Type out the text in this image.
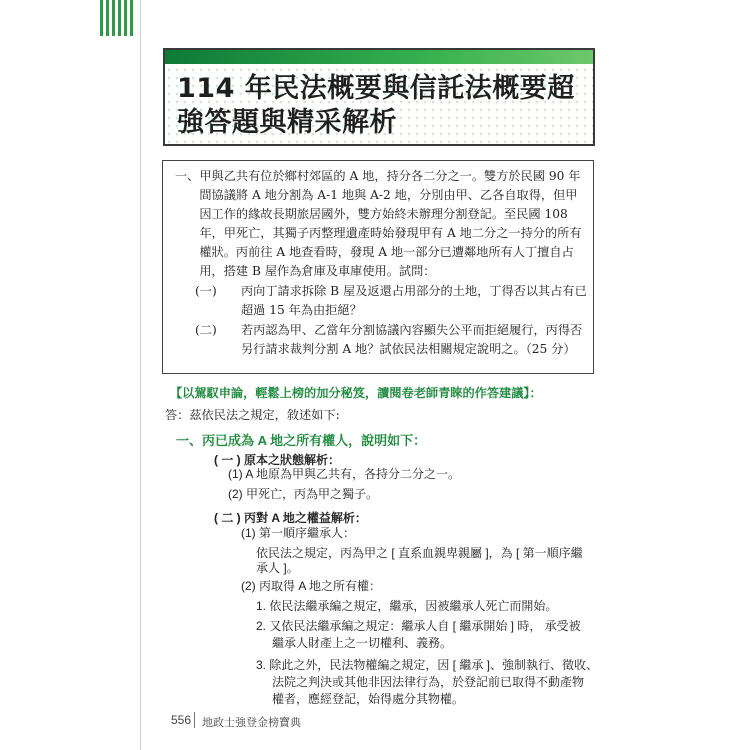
114 年民法概要與信託法概要超強答題與精采解析
一、 甲與乙共有位於鄉村郊區的 A 地，持分各二分之一。雙方於民國 90 年間協議將 A 地分割為 A-1 地與 A-2 地，分別由甲、乙各自取得，但甲因工作的緣故長期旅居國外，雙方始終未辦理分割登記。至民國 108 年，甲死亡，其獨子丙整理遺產時始發現甲有 A 地二分之一持分的所有權狀。丙前往 A 地查看時，發現 A 地一部分已遭鄰地所有人丁擅自占用，搭建 B 屋作為倉庫及車庫使用。試問：
(一)	丙向丁請求拆除 B 屋及返還占用部分的土地，丁得否以其占有已超過 15 年為由拒絕？
(二)	若丙認為甲、乙當年分割協議內容顯失公平而拒絕履行，丙得否另行請求裁判分割 A 地？試依民法相關規定說明之。（25 分）
【以駕馭申論，輕鬆上榜的加分秘笈，讀閱卷老師青睞的作答建議】：
答：茲依民法之規定，敘述如下:
一、丙已成為 A 地之所有權人，說明如下：
( 一 ) 原本之狀態解析：
(1) A 地原為甲與乙共有，各持分二分之一。
(2) 甲死亡，丙為甲之獨子。
( 二 ) 丙對 A 地之權益解析：
(1) 第一順序繼承人：
依民法之規定，丙為甲之 [ 直系血親卑親屬 ]，為 [ 第一順序繼
承人 ]。
(2) 丙取得 A 地之所有權：
1. 依民法繼承編之規定，繼承，因被繼承人死亡而開始。
2. 又依民法繼承編之規定：繼承人自 [ 繼承開始 ] 時， 承受被
繼承人財產上之一切權利、義務。
3. 除此之外，民法物權編之規定，因 [ 繼承 ]、強制執行、徵收、
法院之判決或其他非因法律行為，於登記前已取得不動產物
權者，應經登記，始得處分其物權。
556 地政士強登金榜寶典
